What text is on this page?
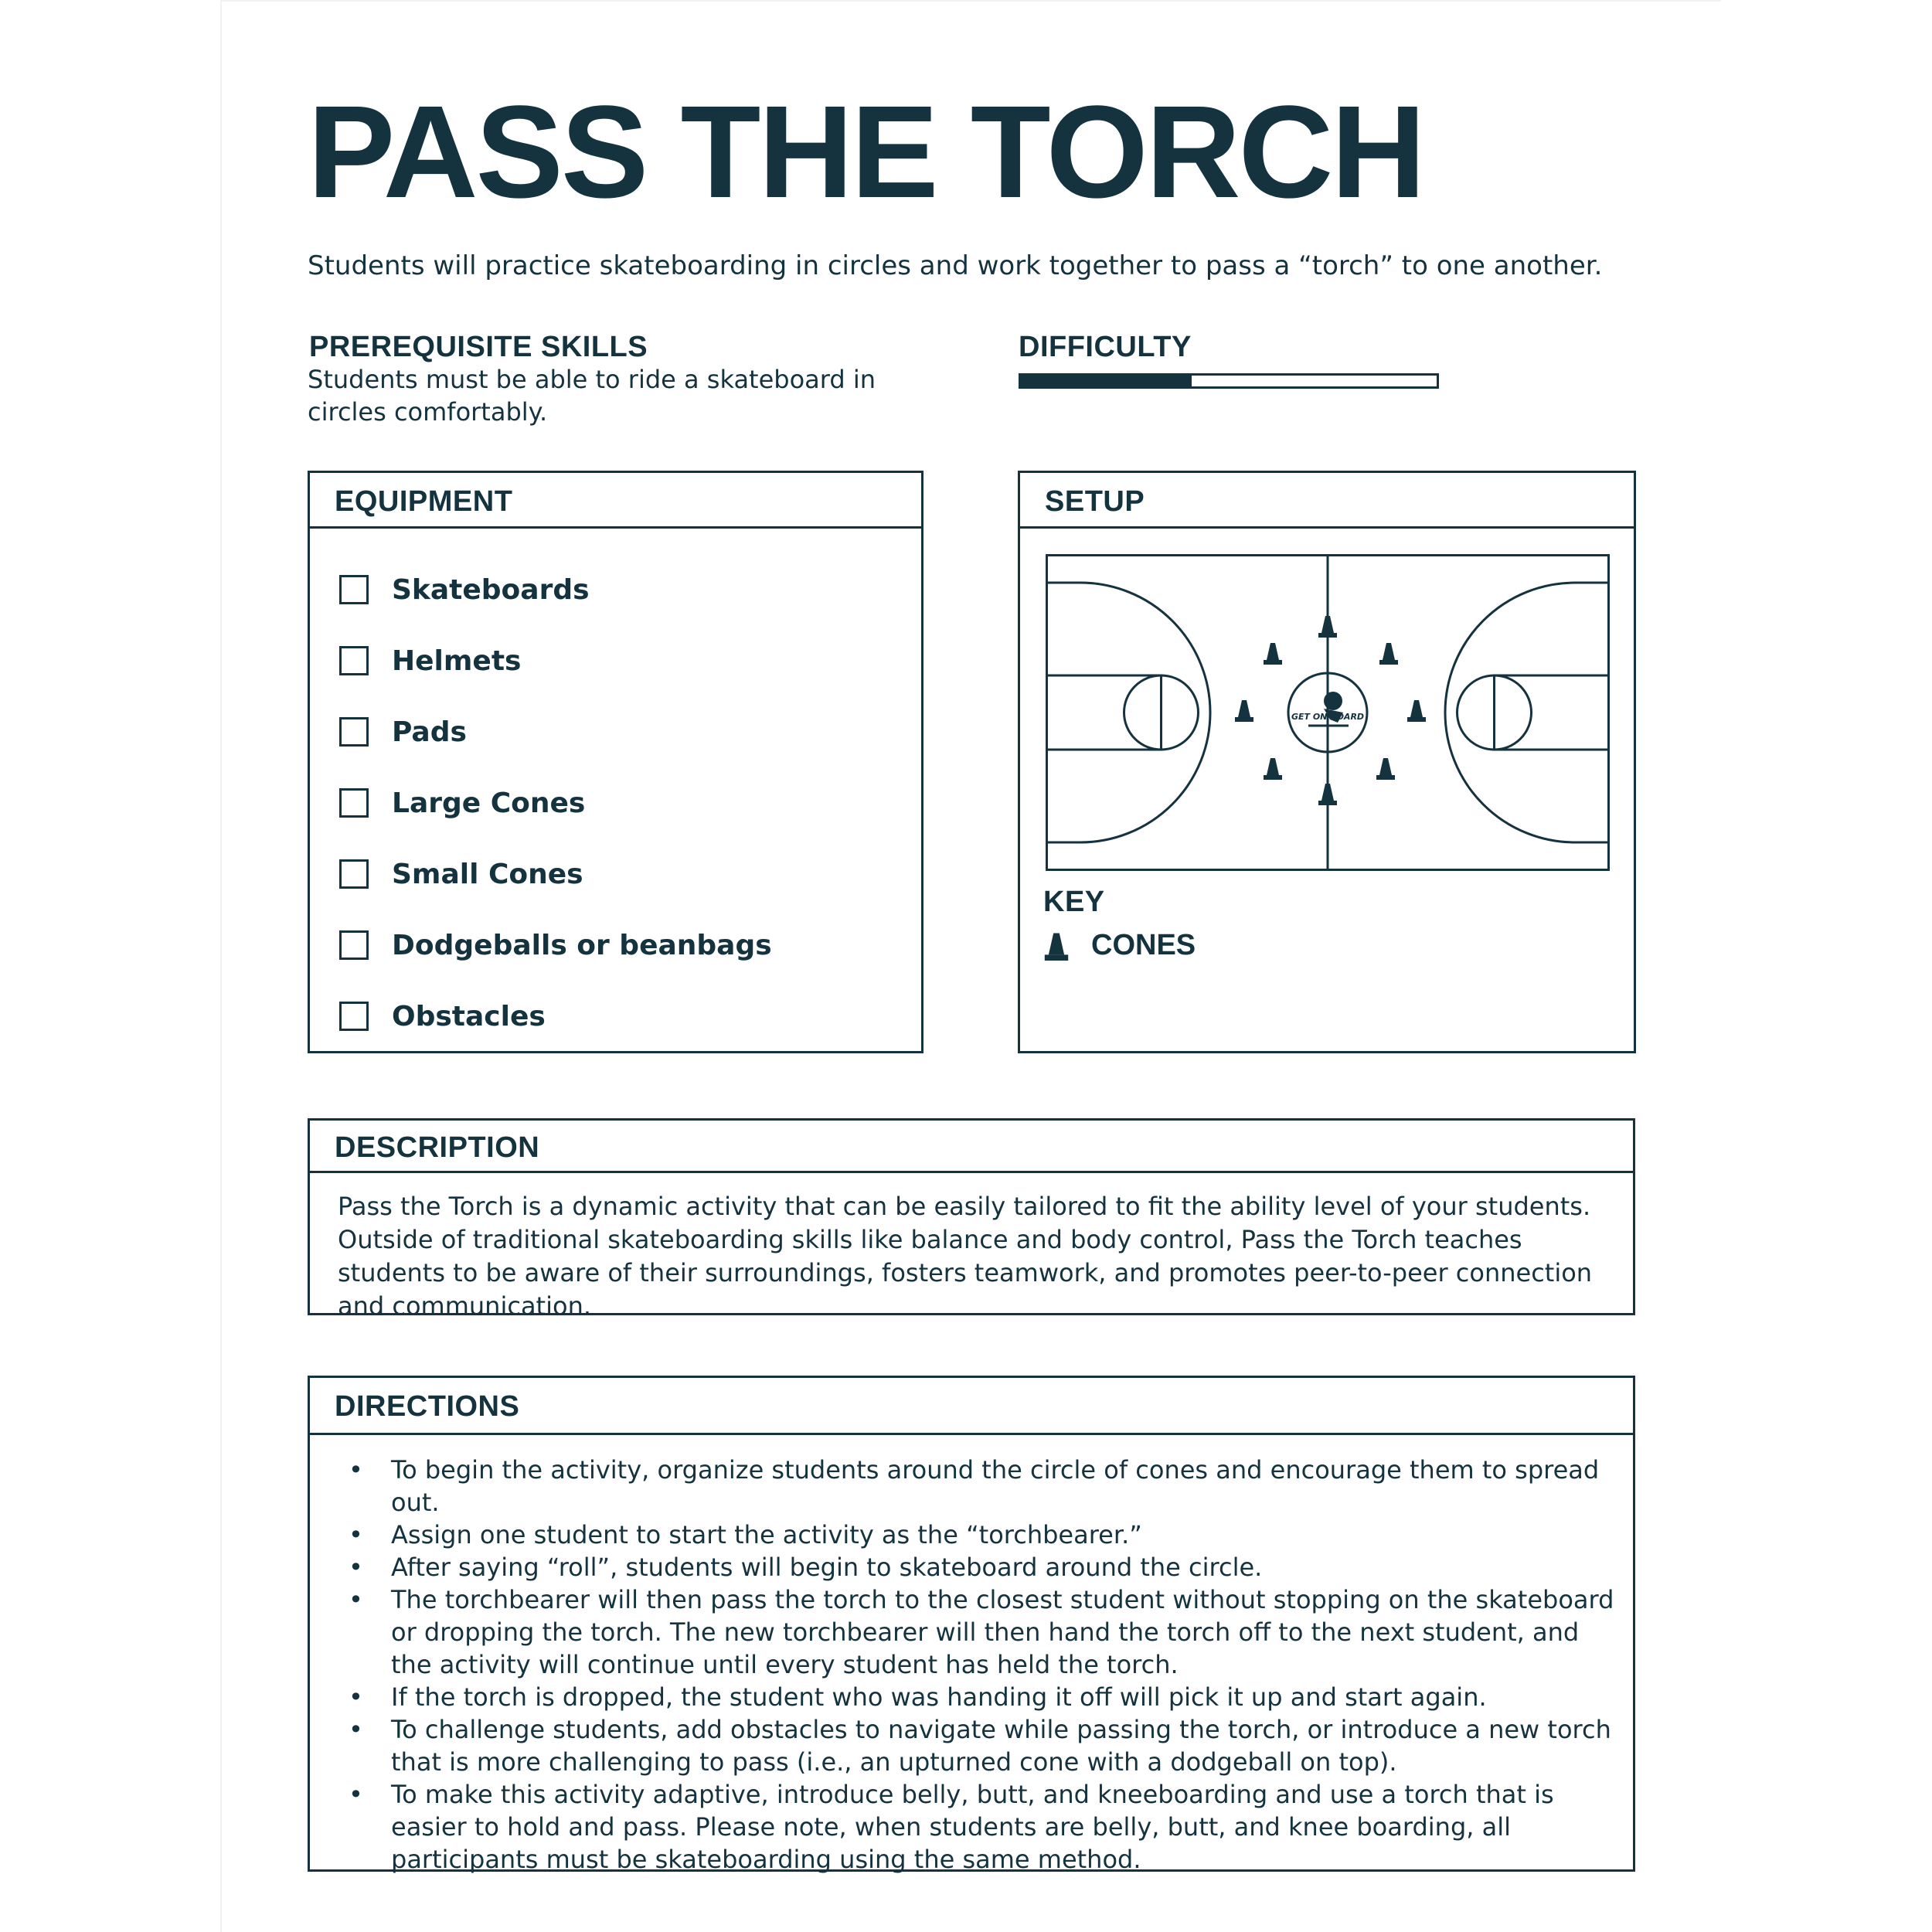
PASS THE TORCH
Students will practice skateboarding in circles and work together to pass a “torch” to one another.
PREREQUISITE SKILLS
Students must be able to ride a skateboard in circles comfortably.
DIFFICULTY
EQUIPMENT
Skateboards
Helmets
Pads
Large Cones
Small Cones
Dodgeballs or beanbags
Obstacles
SETUP
GET ON BOARD
KEY
CONES
DESCRIPTION
Pass the Torch is a dynamic activity that can be easily tailored to fit the ability level of your students. Outside of traditional skateboarding skills like balance and body control, Pass the Torch teaches students to be aware of their surroundings, fosters teamwork, and promotes peer-to-peer connection and communication.
DIRECTIONS
• To begin the activity, organize students around the circle of cones and encourage them to spread out.
• Assign one student to start the activity as the “torchbearer.”
• After saying “roll”, students will begin to skateboard around the circle.
• The torchbearer will then pass the torch to the closest student without stopping on the skateboard or dropping the torch. The new torchbearer will then hand the torch off to the next student, and the activity will continue until every student has held the torch.
• If the torch is dropped, the student who was handing it off will pick it up and start again.
• To challenge students, add obstacles to navigate while passing the torch, or introduce a new torch that is more challenging to pass (i.e., an upturned cone with a dodgeball on top).
• To make this activity adaptive, introduce belly, butt, and kneeboarding and use a torch that is easier to hold and pass. Please note, when students are belly, butt, and knee boarding, all participants must be skateboarding using the same method.
